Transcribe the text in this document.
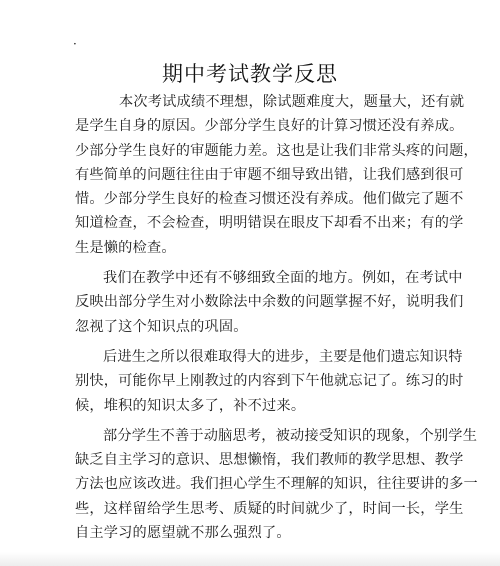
·
期中考试教学反思

本次考试成绩不理想，除试题难度大，题量大，还有就
是学生自身的原因。少部分学生良好的计算习惯还没有养成。
少部分学生良好的审题能力差。这也是让我们非常头疼的问题，
有些简单的问题往往由于审题不细导致出错，让我们感到很可
惜。少部分学生良好的检查习惯还没有养成。他们做完了题不
知道检查，不会检查，明明错误在眼皮下却看不出来；有的学
生是懒的检查。

我们在教学中还有不够细致全面的地方。例如，在考试中
反映出部分学生对小数除法中余数的问题掌握不好，说明我们
忽视了这个知识点的巩固。

后进生之所以很难取得大的进步，主要是他们遗忘知识特
别快，可能你早上刚教过的内容到下午他就忘记了。练习的时
候，堆积的知识太多了，补不过来。

部分学生不善于动脑思考，被动接受知识的现象，个别学生
缺乏自主学习的意识、思想懒惰，我们教师的教学思想、教学
方法也应该改进。我们担心学生不理解的知识，往往要讲的多一
些，这样留给学生思考、质疑的时间就少了，时间一长，学生
自主学习的愿望就不那么强烈了。
